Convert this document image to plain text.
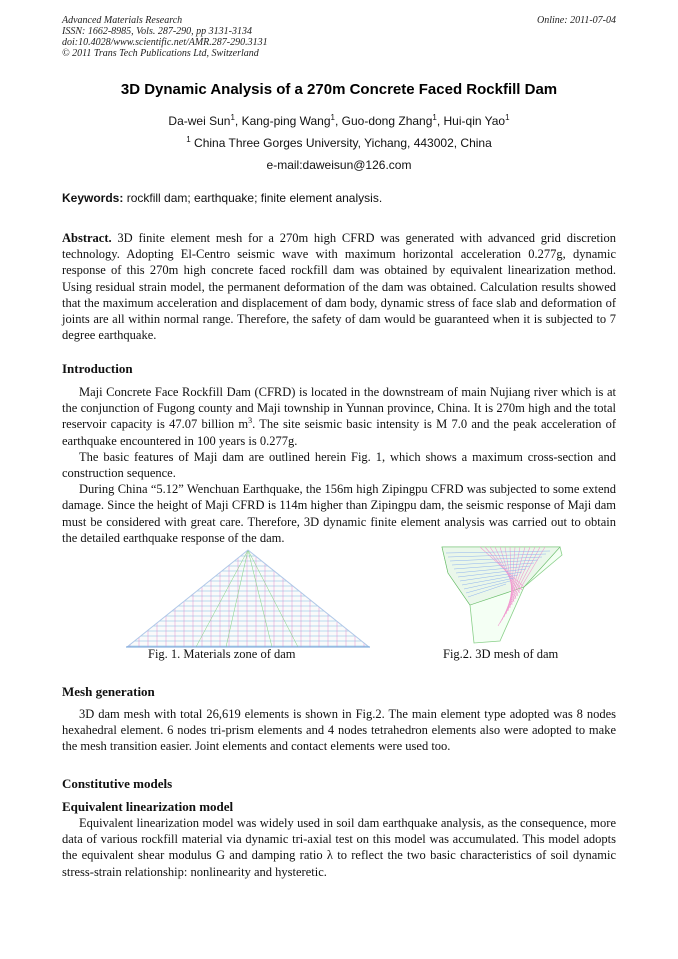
Advanced Materials Research
ISSN: 1662-8985, Vols. 287-290, pp 3131-3134
doi:10.4028/www.scientific.net/AMR.287-290.3131
© 2011 Trans Tech Publications Ltd, Switzerland
Online: 2011-07-04
3D Dynamic Analysis of a 270m Concrete Faced Rockfill Dam
Da-wei Sun$^1$, Kang-ping Wang$^1$, Guo-dong Zhang$^1$, Hui-qin Yao$^1$
$^1$ China Three Gorges University, Yichang, 443002, China
e-mail:daweisun@126.com
Keywords: rockfill dam; earthquake; finite element analysis.

Abstract. 3D finite element mesh for a 270m high CFRD was generated with advanced grid discretion technology. Adopting El-Centro seismic wave with maximum horizontal acceleration 0.277g, dynamic response of this 270m high concrete faced rockfill dam was obtained by equivalent linearization method. Using residual strain model, the permanent deformation of the dam was obtained. Calculation results showed that the maximum acceleration and displacement of dam body, dynamic stress of face slab and deformation of joints are all within normal range. Therefore, the safety of dam would be guaranteed when it is subjected to 7 degree earthquake.

Introduction

Maji Concrete Face Rockfill Dam (CFRD) is located in the downstream of main Nujiang river which is at the conjunction of Fugong county and Maji township in Yunnan province, China. It is 270m high and the total reservoir capacity is 47.07 billion $m^3$. The site seismic basic intensity is M 7.0 and the peak acceleration of earthquake encountered in 100 years is 0.277g.

The basic features of Maji dam are outlined herein Fig. 1, which shows a maximum cross-section and construction sequence.

During China “5.12” Wenchuan Earthquake, the 156m high Zipingpu CFRD was subjected to some extend damage. Since the height of Maji CFRD is 114m higher than Zipingpu dam, the seismic response of Maji dam must be considered with great care. Therefore, 3D dynamic finite element analysis was carried out to obtain the detailed earthquake response of the dam.

Fig. 1. Materials zone of dam	Fig.2. 3D mesh of dam
Mesh generation

3D dam mesh with total 26,619 elements is shown in Fig.2. The main element type adopted was 8 nodes hexahedral element. 6 nodes tri-prism elements and 4 nodes tetrahedron elements also were adopted to make the mesh transition easier. Joint elements and contact elements were used too.

Constitutive models
Equivalent linearization model

Equivalent linearization model was widely used in soil dam earthquake analysis, as the consequence, more data of various rockfill material via dynamic tri-axial test on this model was accumulated. This model adopts the equivalent shear modulus G and damping ratio λ to reflect the two basic characteristics of soil dynamic stress-strain relationship: nonlinearity and hysteretic.
